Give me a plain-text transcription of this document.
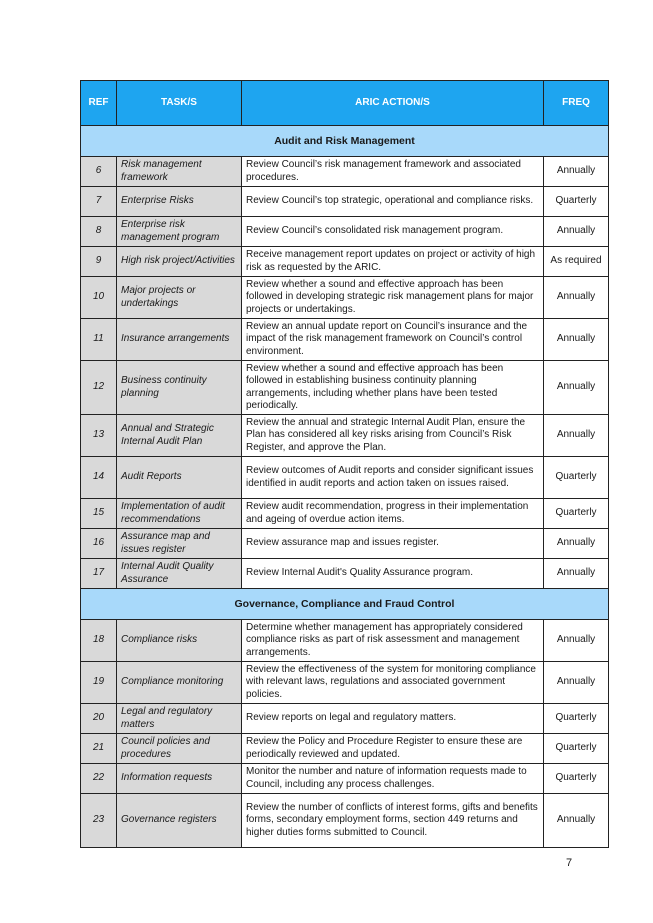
REF	TASK/S	ARIC ACTION/S	FREQ
Audit and Risk Management			
6	Risk management framework	Review Council’s risk management framework and associated procedures.	Annually
7	Enterprise Risks	Review Council’s top strategic, operational and compliance risks.	Quarterly
8	Enterprise risk management program	Review Council’s consolidated risk management program.	Annually
9	High risk project/Activities	Receive management report updates on project or activity of high risk as requested by the ARIC.	As required
10	Major projects or undertakings	Review whether a sound and effective approach has been followed in developing strategic risk management plans for major projects or undertakings.	Annually
11	Insurance arrangements	Review an annual update report on Council’s insurance and the impact of the risk management framework on Council’s control environment.	Annually
12	Business continuity planning	Review whether a sound and effective approach has been followed in establishing business continuity planning arrangements, including whether plans have been tested periodically.	Annually
13	Annual and Strategic Internal Audit Plan	Review the annual and strategic Internal Audit Plan, ensure the Plan has considered all key risks arising from Council’s Risk Register, and approve the Plan.	Annually
14	Audit Reports	Review outcomes of Audit reports and consider significant issues identified in audit reports and action taken on issues raised.	Quarterly
15	Implementation of audit recommendations	Review audit recommendation, progress in their implementation and ageing of overdue action items.	Quarterly
16	Assurance map and issues register	Review assurance map and issues register.	Annually
17	Internal Audit Quality Assurance	Review Internal Audit's Quality Assurance program.	Annually
Governance, Compliance and Fraud Control			
18	Compliance risks	Determine whether management has appropriately considered compliance risks as part of risk assessment and management arrangements.	Annually
19	Compliance monitoring	Review the effectiveness of the system for monitoring compliance with relevant laws, regulations and associated government policies.	Annually
20	Legal and regulatory matters	Review reports on legal and regulatory matters.	Quarterly
21	Council policies and procedures	Review the Policy and Procedure Register to ensure these are periodically reviewed and updated.	Quarterly
22	Information requests	Monitor the number and nature of information requests made to Council, including any process challenges.	Quarterly
23	Governance registers	Review the number of conflicts of interest forms, gifts and benefits forms, secondary employment forms, section 449 returns and higher duties forms submitted to Council.	Annually
7
